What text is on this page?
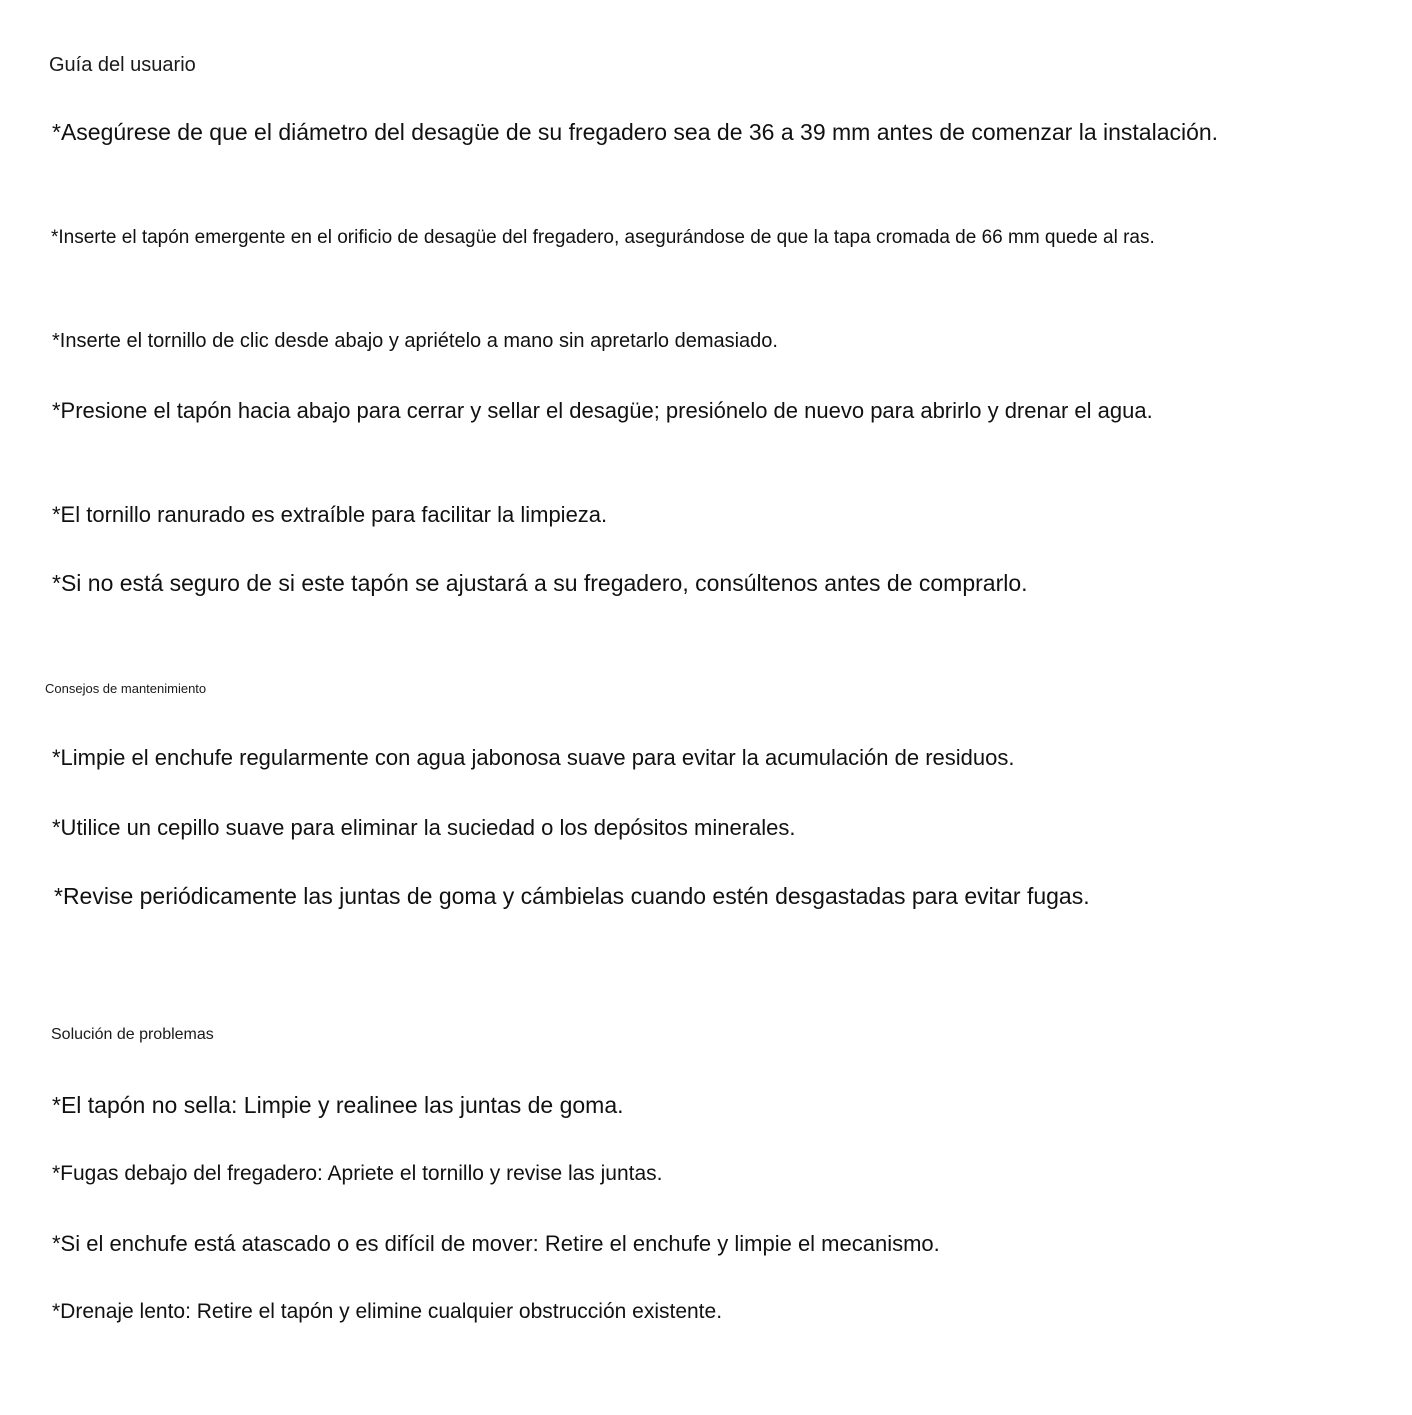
Guía del usuario

*Asegúrese de que el diámetro del desagüe de su fregadero sea de 36 a 39 mm antes de comenzar la instalación.

*Inserte el tapón emergente en el orificio de desagüe del fregadero, asegurándose de que la tapa cromada de 66 mm quede al ras.

*Inserte el tornillo de clic desde abajo y apriételo a mano sin apretarlo demasiado.

*Presione el tapón hacia abajo para cerrar y sellar el desagüe; presiónelo de nuevo para abrirlo y drenar el agua.

*El tornillo ranurado es extraíble para facilitar la limpieza.

*Si no está seguro de si este tapón se ajustará a su fregadero, consúltenos antes de comprarlo.

Consejos de mantenimiento

*Limpie el enchufe regularmente con agua jabonosa suave para evitar la acumulación de residuos.

*Utilice un cepillo suave para eliminar la suciedad o los depósitos minerales.

*Revise periódicamente las juntas de goma y cámbielas cuando estén desgastadas para evitar fugas.

Solución de problemas

*El tapón no sella: Limpie y realinee las juntas de goma.

*Fugas debajo del fregadero: Apriete el tornillo y revise las juntas.

*Si el enchufe está atascado o es difícil de mover: Retire el enchufe y limpie el mecanismo.

*Drenaje lento: Retire el tapón y elimine cualquier obstrucción existente.
